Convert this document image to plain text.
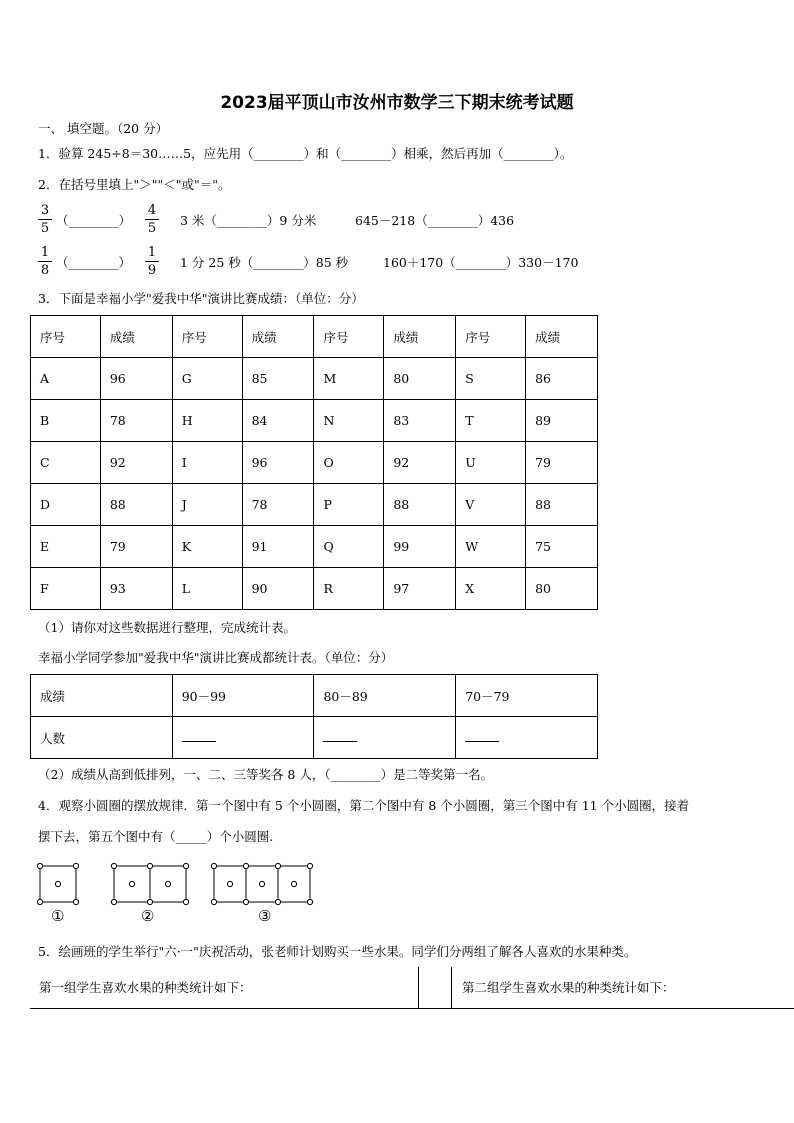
2023届平顶山市汝州市数学三下期末统考试题
一、 填空题。（20 分）
1．验算 245÷8＝30……5，应先用（________）和（________）相乘，然后再加（________）。
2．在括号里填上"＞""＜"或"＝"。
$\frac{3}{5}$ （________） $\frac{4}{5} 3$ 米（________）9 分米	645－218（________）436
$\frac{1}{8}$ （________） $\frac{1}{9} 1$ 分 25 秒（________）85 秒	160＋170（________）330－170
3．下面是幸福小学"爱我中华"演讲比赛成绩：（单位：分）
序号	成绩	序号	成绩	序号	成绩	序号	成绩
A	96	G	85	M	80	S	86
B	78	H	84	N	83	T	89
C	92	I	96	O	92	U	79
D	88	J	78	P	88	V	88
E	79	K	91	Q	99	W	75
F	93	L	90	R	97	X	80
（1）请你对这些数据进行整理，完成统计表。
幸福小学同学参加"爱我中华"演讲比赛成都统计表。（单位：分）
成绩	90－99	80－89	70－79
人数			
（2）成绩从高到低排列，一、二、三等奖各 8 人，（________）是二等奖第一名。
4．观察小圆圈的摆放规律．第一个图中有 5 个小圆圈，第二个图中有 8 个小圆圈，第三个图中有 11 个小圆圈，接着
摆下去，第五个图中有（_____）个小圆圈.
①	②	③
5．绘画班的学生举行"六·一"庆祝活动，张老师计划购买一些水果。同学们分两组了解各人喜欢的水果种类。
第一组学生喜欢水果的种类统计如下：	第二组学生喜欢水果的种类统计如下：
